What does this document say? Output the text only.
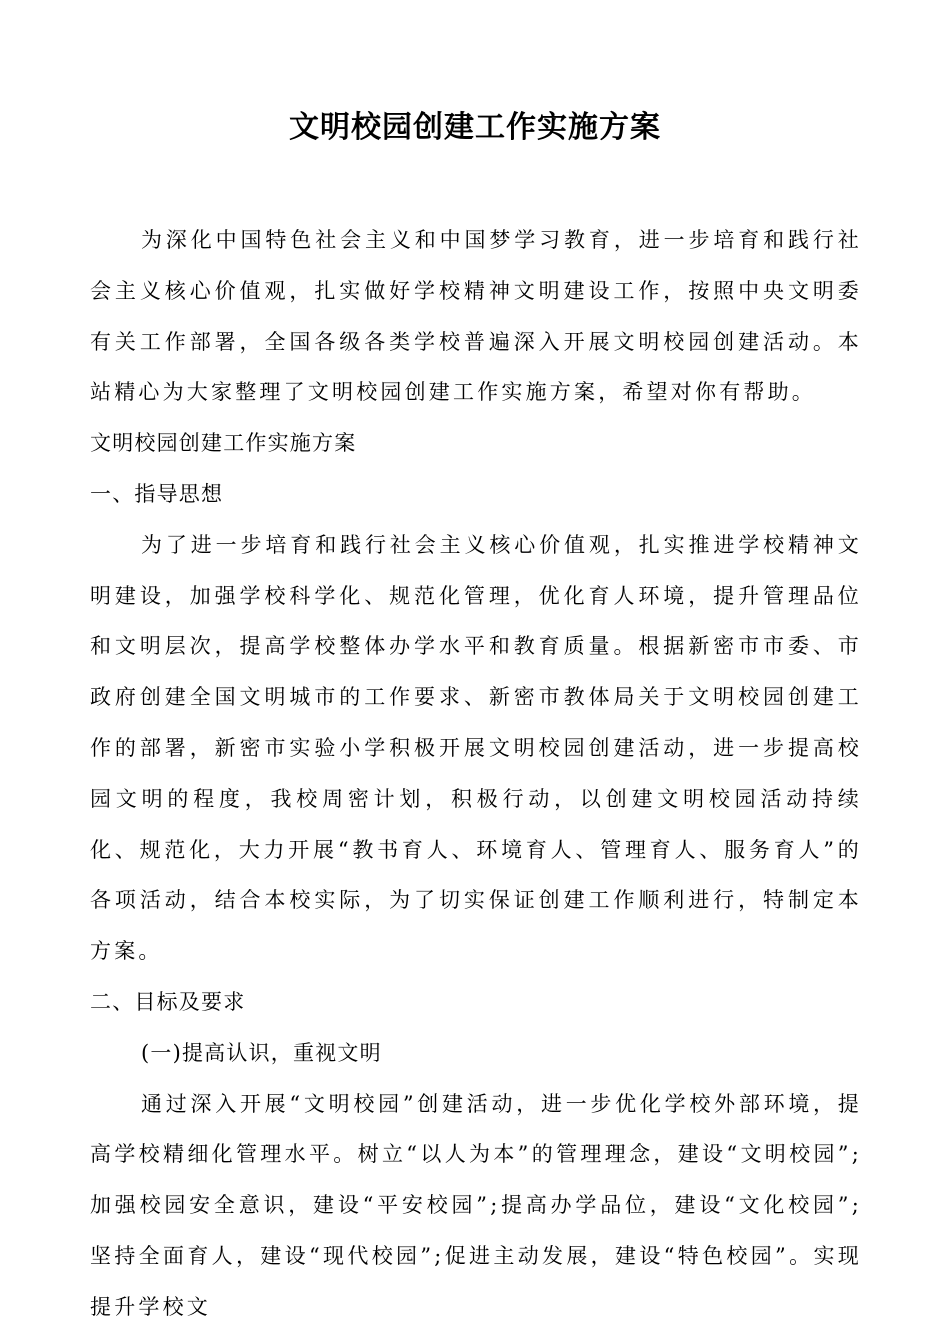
文明校园创建工作实施方案

为深化中国特色社会主义和中国梦学习教育，进一步培育和践行社会主义核心价值观，扎实做好学校精神文明建设工作，按照中央文明委有关工作部署，全国各级各类学校普遍深入开展文明校园创建活动。本站精心为大家整理了文明校园创建工作实施方案，希望对你有帮助。

文明校园创建工作实施方案

一、指导思想

为了进一步培育和践行社会主义核心价值观，扎实推进学校精神文明建设，加强学校科学化、规范化管理，优化育人环境，提升管理品位和文明层次，提高学校整体办学水平和教育质量。根据新密市市委、市政府创建全国文明城市的工作要求、新密市教体局关于文明校园创建工作的部署，新密市实验小学积极开展文明校园创建活动，进一步提高校园文明的程度，我校周密计划，积极行动，以创建文明校园活动持续化、规范化，大力开展“教书育人、环境育人、管理育人、服务育人”的各项活动，结合本校实际，为了切实保证创建工作顺利进行，特制定本方案。

二、目标及要求

(一)提高认识，重视文明

通过深入开展“文明校园”创建活动，进一步优化学校外部环境，提高学校精细化管理水平。树立“以人为本”的管理理念，建设“文明校园”;加强校园安全意识，建设“平安校园”;提高办学品位，建设“文化校园”;坚持全面育人，建设“现代校园”;促进主动发展，建设“特色校园”。实现提升学校文
